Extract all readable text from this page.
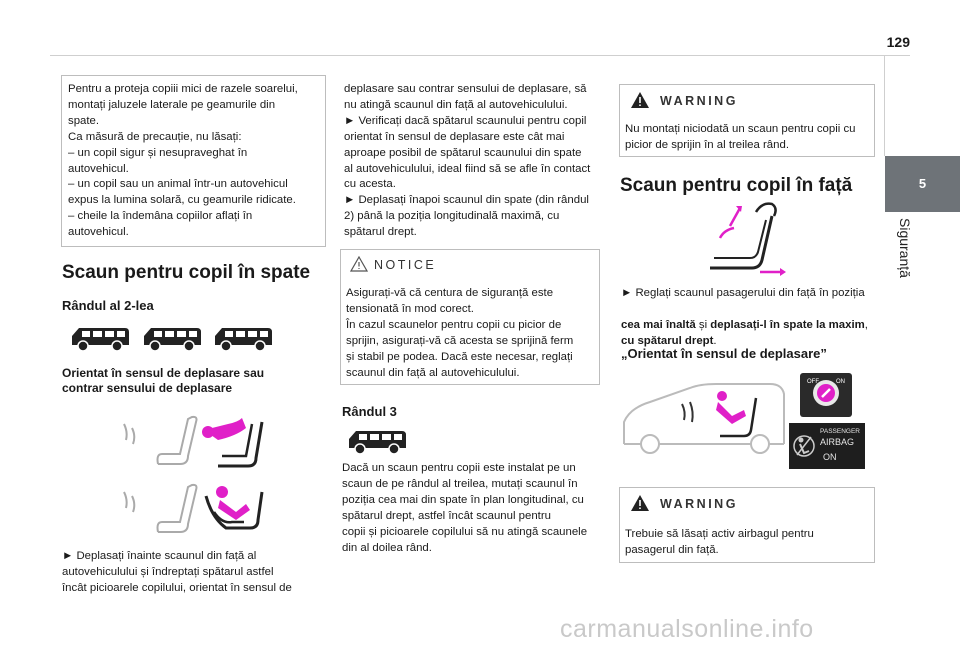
129
5
Siguranță
Pentru a proteja copiii mici de razele soarelui,
montați jaluzele laterale pe geamurile din
spate.
Ca măsură de precauție, nu lăsați:
– un copil sigur și nesupraveghat în
autovehicul.
– un copil sau un animal într-un autovehicul
expus la lumina solară, cu geamurile ridicate.
– cheile la îndemâna copiilor aflați în
autovehicul.
Scaun pentru copil în spate
Rândul al 2-lea
Orientat în sensul de deplasare sau
contrar sensului de deplasare
► Deplasați înainte scaunul din față al
autovehiculului și îndreptați spătarul astfel
încât picioarele copilului, orientat în sensul de
deplasare sau contrar sensului de deplasare, să
nu atingă scaunul din față al autovehiculului.
► Verificați dacă spătarul scaunului pentru copil
orientat în sensul de deplasare este cât mai
aproape posibil de spătarul scaunului din spate
al autovehiculului, ideal fiind să se afle în contact
cu acesta.
► Deplasați înapoi scaunul din spate (din rândul
2) până la poziția longitudinală maximă, cu
spătarul drept.
NOTICE
Asigurați-vă că centura de siguranță este
tensionată în mod corect.
În cazul scaunelor pentru copii cu picior de
sprijin, asigurați-vă că acesta se sprijină ferm
și stabil pe podea. Dacă este necesar, reglați
scaunul din față al autovehiculului.
Rândul 3
Dacă un scaun pentru copii este instalat pe un
scaun de pe rândul al treilea, mutați scaunul în
poziția cea mai din spate în plan longitudinal, cu
spătarul drept, astfel încât scaunul pentru
copii și picioarele copilului să nu atingă scaunele
din al doilea rând.
WARNING
Nu montați niciodată un scaun pentru copii cu
picior de sprijin în al treilea rând.
Scaun pentru copil în față
► Reglați scaunul pasagerului din față în poziția

cea mai înaltă și deplasați-l în spate la maxim,

cu spătarul drept.

„Orientat în sensul de deplasare”
OFF	ON
PASSENGER
AIRBAG
ON
WARNING
Trebuie să lăsați activ airbagul pentru
pasagerul din față.
carmanualsonline.info
